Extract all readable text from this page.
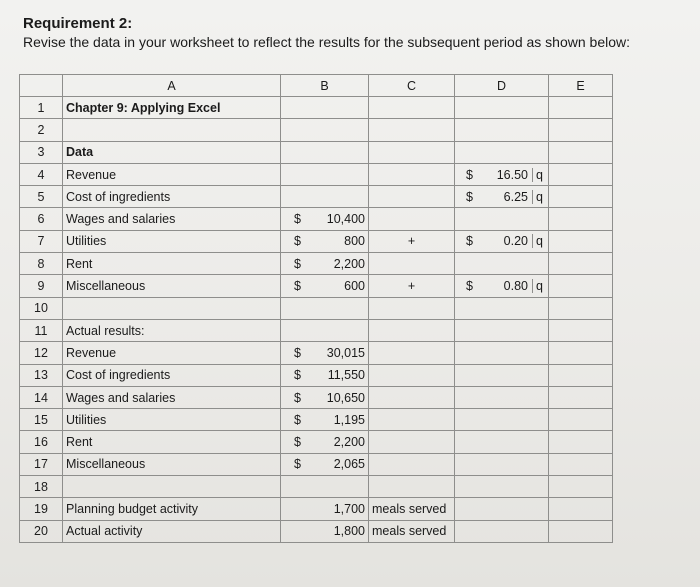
Requirement 2:
Revise the data in your worksheet to reflect the results for the subsequent period as shown below:
	A	B	C	D	E
1	Chapter 9: Applying Excel				
2					
3	Data				
4	Revenue			$ 16.50 q	

5	Cost of ingredients			$ 6.25 q	

6	Wages and salaries	$ 10,400			

7	Utilities	$ 800	+	$ 0.20 q	

8	Rent	$ 2,200			

9	Miscellaneous	$ 600	+	$ 0.80 q	

10					
11	Actual results:				
12	Revenue	$ 30,015			

13	Cost of ingredients	$ 11,550			

14	Wages and salaries	$ 10,650			

15	Utilities	$ 1,195			

16	Rent	$ 2,200			

17	Miscellaneous	$ 2,065			

18					
19	Planning budget activity	1,700	meals served		
20	Actual activity	1,800	meals served		
